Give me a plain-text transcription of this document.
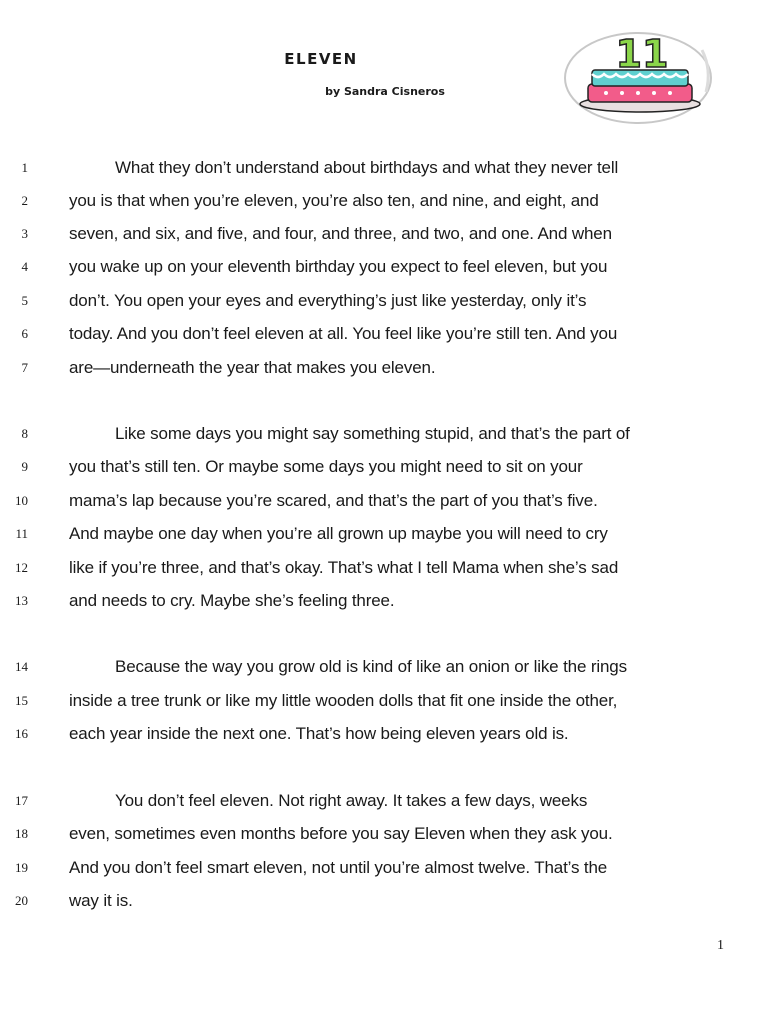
ELEVEN
by Sandra Cisneros
11
1	What they don’t understand about birthdays and what they never tell
2 you is that when you’re eleven, you’re also ten, and nine, and eight, and
3 seven, and six, and five, and four, and three, and two, and one. And when
4 you wake up on your eleventh birthday you expect to feel eleven, but you
5 don’t. You open your eyes and everything’s just like yesterday, only it’s
6 today. And you don’t feel eleven at all. You feel like you’re still ten. And you
7 are—underneath the year that makes you eleven.
8	Like some days you might say something stupid, and that’s the part of
9 you that’s still ten. Or maybe some days you might need to sit on your
10 mama’s lap because you’re scared, and that’s the part of you that’s five.
11 And maybe one day when you’re all grown up maybe you will need to cry
12 like if you’re three, and that’s okay. That’s what I tell Mama when she’s sad
13 and needs to cry. Maybe she’s feeling three.
14	Because the way you grow old is kind of like an onion or like the rings
15 inside a tree trunk or like my little wooden dolls that fit one inside the other,
16 each year inside the next one. That’s how being eleven years old is.
17	You don’t feel eleven. Not right away. It takes a few days, weeks
18 even, sometimes even months before you say Eleven when they ask you.
19 And you don’t feel smart eleven, not until you’re almost twelve. That’s the
20 way it is.
1
